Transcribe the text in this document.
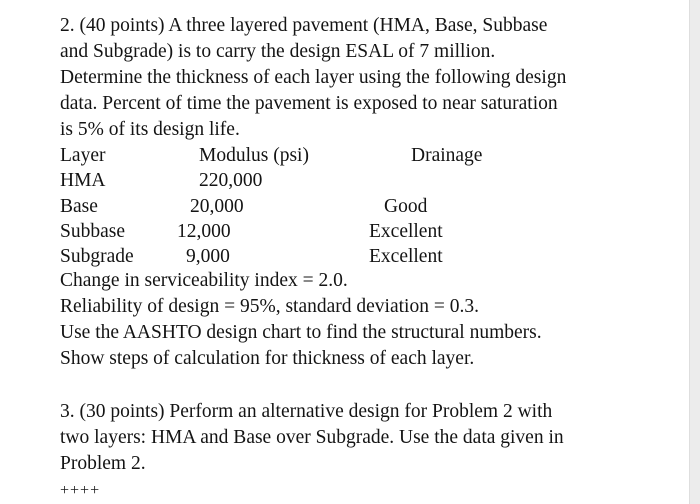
2. (40 points) A three layered pavement (HMA, Base, Subbase
and Subgrade) is to carry the design ESAL of 7 million.
Determine the thickness of each layer using the following design
data. Percent of time the pavement is exposed to near saturation
is 5% of its design life.
Layer	Modulus (psi)	Drainage
HMA	220,000
Base	20,000	Good
Subbase	12,000	Excellent
Subgrade	9,000	Excellent
Change in serviceability index = 2.0.
Reliability of design = 95%, standard deviation = 0.3.
Use the AASHTO design chart to find the structural numbers.
Show steps of calculation for thickness of each layer.
3. (30 points) Perform an alternative design for Problem 2 with
two layers: HMA and Base over Subgrade. Use the data given in
Problem 2.
++++
